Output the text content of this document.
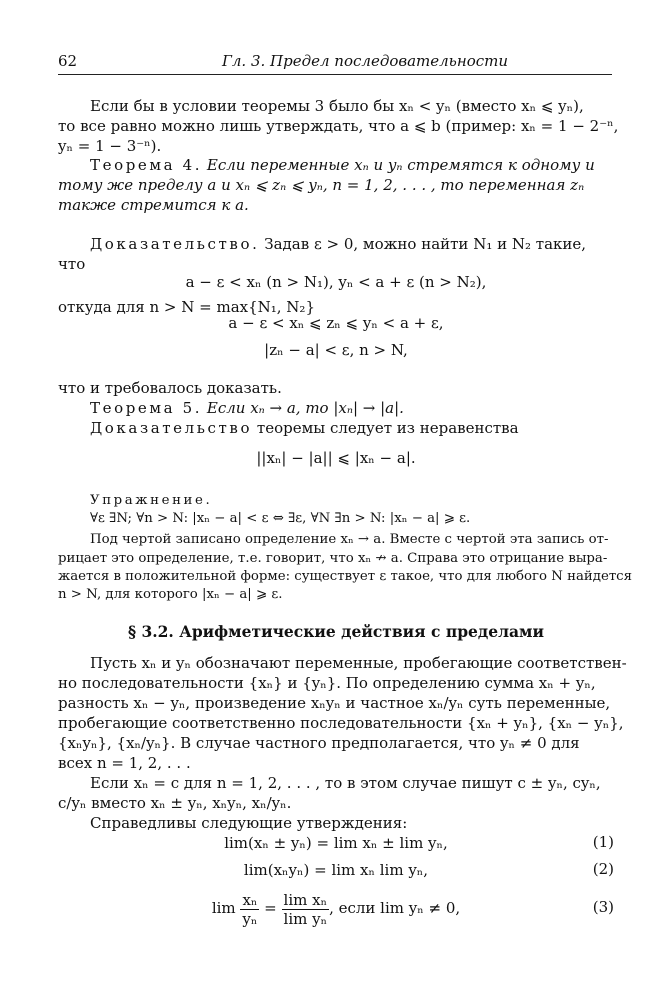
62	Гл. 3. Предел последовательности
Если бы в условии теоремы 3 было бы xₙ < yₙ (вместо xₙ ⩽ yₙ),
то все равно можно лишь утверждать, что a ⩽ b (пример: xₙ = 1 − 2⁻ⁿ,
yₙ = 1 − 3⁻ⁿ).
Теорема 4. Если переменные xₙ и yₙ стремятся к одному и
тому же пределу a и xₙ ⩽ zₙ ⩽ yₙ, n = 1, 2, . . . , то переменная zₙ
также стремится к a.
Доказательство. Задав ε > 0, можно найти N₁ и N₂ такие,
что
a − ε < xₙ (n > N₁), yₙ < a + ε (n > N₂),
откуда для n > N = max{N₁, N₂}
a − ε < xₙ ⩽ zₙ ⩽ yₙ < a + ε,
|zₙ − a| < ε, n > N,
что и требовалось доказать.
Теорема 5. Если xₙ → a, то |xₙ| → |a|.
Доказательство теоремы следует из неравенства
||xₙ| − |a|| ⩽ |xₙ − a|.
Упражнение.
∀ε ∃N; ∀n > N: |xₙ − a| < ε ⇔ ∃ε, ∀N ∃n > N: |xₙ − a| ⩾ ε.
Под чертой записано определение xₙ → a. Вместе с чертой эта запись от-
рицает это определение, т.е. говорит, что xₙ ↛ a. Справа это отрицание выра-
жается в положительной форме: существует ε такое, что для любого N найдется
n > N, для которого |xₙ − a| ⩾ ε.
§ 3.2. Арифметические действия с пределами
Пусть xₙ и yₙ обозначают переменные, пробегающие соответствен-
но последовательности {xₙ} и {yₙ}. По определению сумма xₙ + yₙ,
разность xₙ − yₙ, произведение xₙyₙ и частное xₙ/yₙ суть переменные,
пробегающие соответственно последовательности {xₙ + yₙ}, {xₙ − yₙ},
{xₙyₙ}, {xₙ/yₙ}. В случае частного предполагается, что yₙ ≠ 0 для
всех n = 1, 2, . . .
Если xₙ = c для n = 1, 2, . . . , то в этом случае пишут c ± yₙ, cyₙ,
c/yₙ вместо xₙ ± yₙ, xₙyₙ, xₙ/yₙ.
Справедливы следующие утверждения:
lim(xₙ ± yₙ) = lim xₙ ± lim yₙ,	(1)
lim(xₙyₙ) = lim xₙ lim yₙ,	(2)
$\lim \frac{\text{xₙ}}{\text{yₙ}} = \frac{\text{lim xₙ}}{\text{lim yₙ}}$ , если lim yₙ ≠ 0,	(3)
